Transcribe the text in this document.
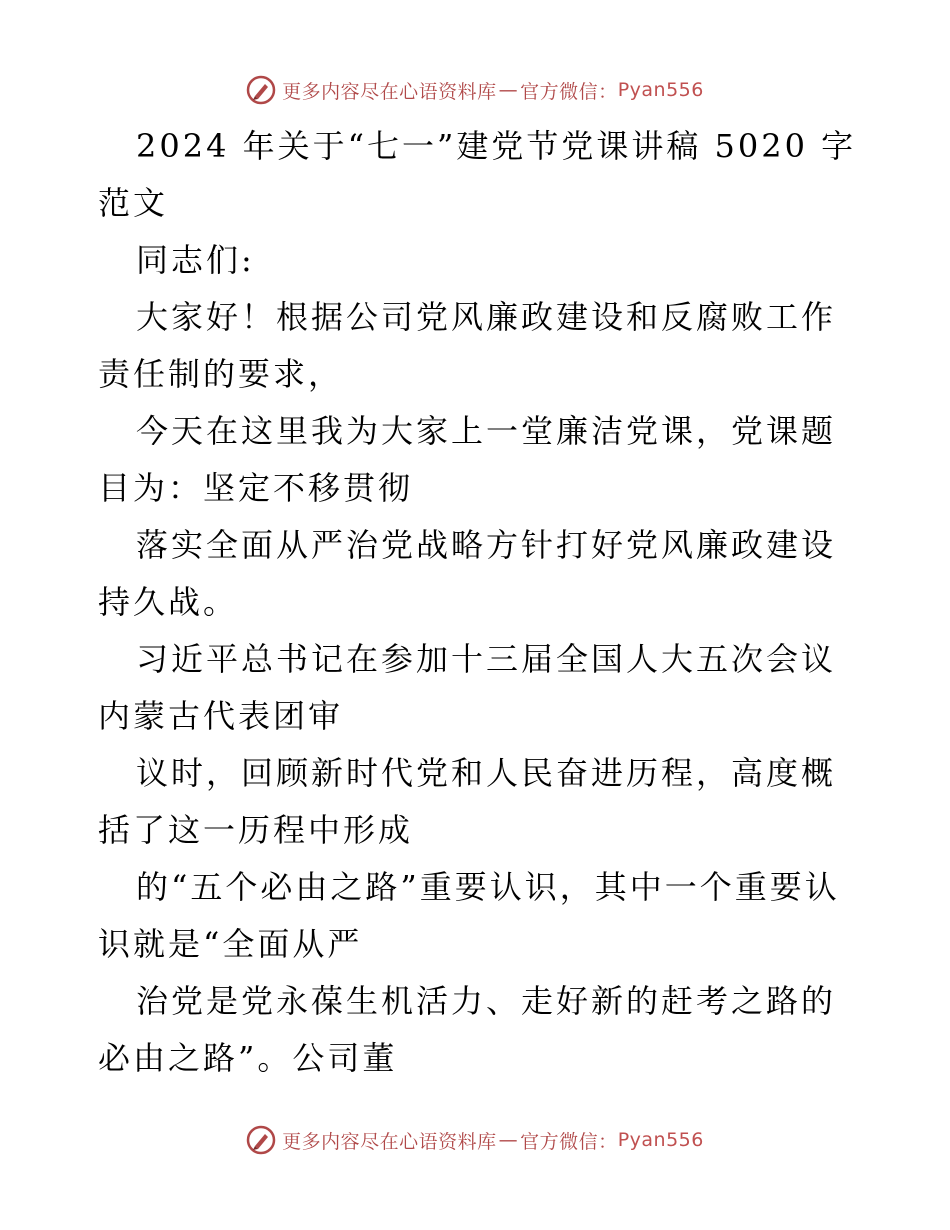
更多内容尽在心语资料库 — 官方微信： Pyan556

2024 年关于“七一”建党节党课讲稿 5020 字范文

同志们:

大家好！根据公司党风廉政建设和反腐败工作责任制的要求，

今天在这里我为大家上一堂廉洁党课，党课题目为：坚定不移贯彻

落实全面从严治党战略方针打好党风廉政建设持久战。

习近平总书记在参加十三届全国人大五次会议内蒙古代表团审

议时，回顾新时代党和人民奋进历程，高度概括了这一历程中形成

的“五个必由之路”重要认识，其中一个重要认识就是“全面从严

治党是党永葆生机活力、走好新的赶考之路的必由之路”。公司董

更多内容尽在心语资料库 — 官方微信： Pyan556
